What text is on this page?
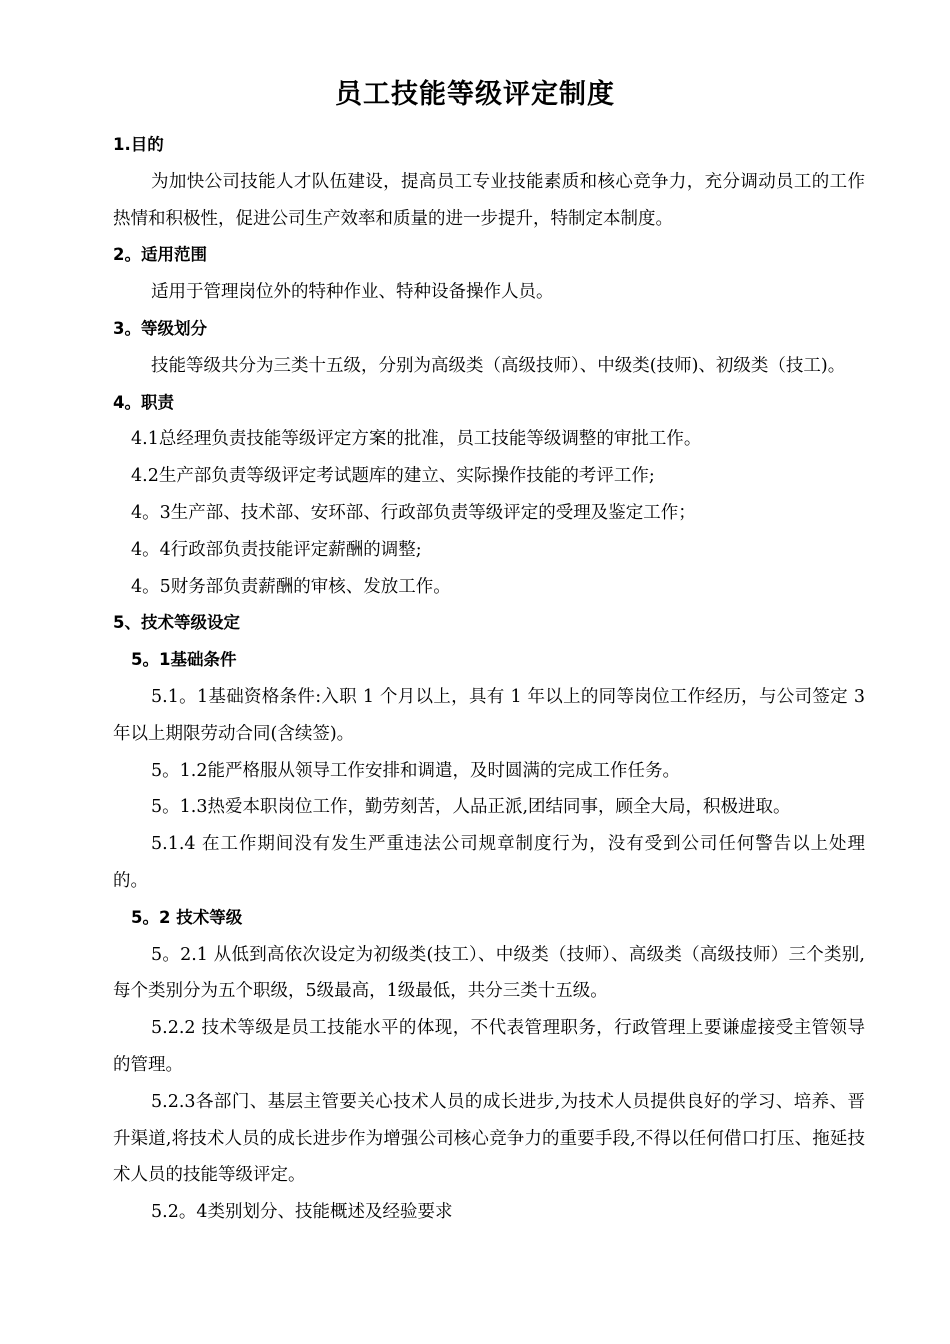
员工技能等级评定制度
1.目的
为加快公司技能人才队伍建设，提高员工专业技能素质和核心竞争力，充分调动员工的工作热情和积极性，促进公司生产效率和质量的进一步提升，特制定本制度。
2。适用范围
适用于管理岗位外的特种作业、特种设备操作人员。
3。等级划分
技能等级共分为三类十五级，分别为高级类（高级技师）、中级类(技师)、初级类（技工)。
4。职责
4.1总经理负责技能等级评定方案的批准，员工技能等级调整的审批工作。
4.2生产部负责等级评定考试题库的建立、实际操作技能的考评工作;
4。3生产部、技术部、安环部、行政部负责等级评定的受理及鉴定工作；
4。4行政部负责技能评定薪酬的调整;
4。5财务部负责薪酬的审核、发放工作。
5、技术等级设定
5。1基础条件
5.1。1基础资格条件:入职 1 个月以上，具有 1 年以上的同等岗位工作经历，与公司签定 3 年以上期限劳动合同(含续签)。
5。1.2能严格服从领导工作安排和调遣，及时圆满的完成工作任务。
5。1.3热爱本职岗位工作，勤劳刻苦，人品正派,团结同事，顾全大局，积极进取。
5.1.4 在工作期间没有发生严重违法公司规章制度行为，没有受到公司任何警告以上处理的。
5。2 技术等级
5。2.1 从低到高依次设定为初级类(技工）、中级类（技师）、高级类（高级技师）三个类别,每个类别分为五个职级，5级最高，1级最低，共分三类十五级。
5.2.2 技术等级是员工技能水平的体现，不代表管理职务，行政管理上要谦虚接受主管领导的管理。
5.2.3各部门、基层主管要关心技术人员的成长进步,为技术人员提供良好的学习、培养、晋升渠道,将技术人员的成长进步作为增强公司核心竞争力的重要手段,不得以任何借口打压、拖延技术人员的技能等级评定。
5.2。4类别划分、技能概述及经验要求
